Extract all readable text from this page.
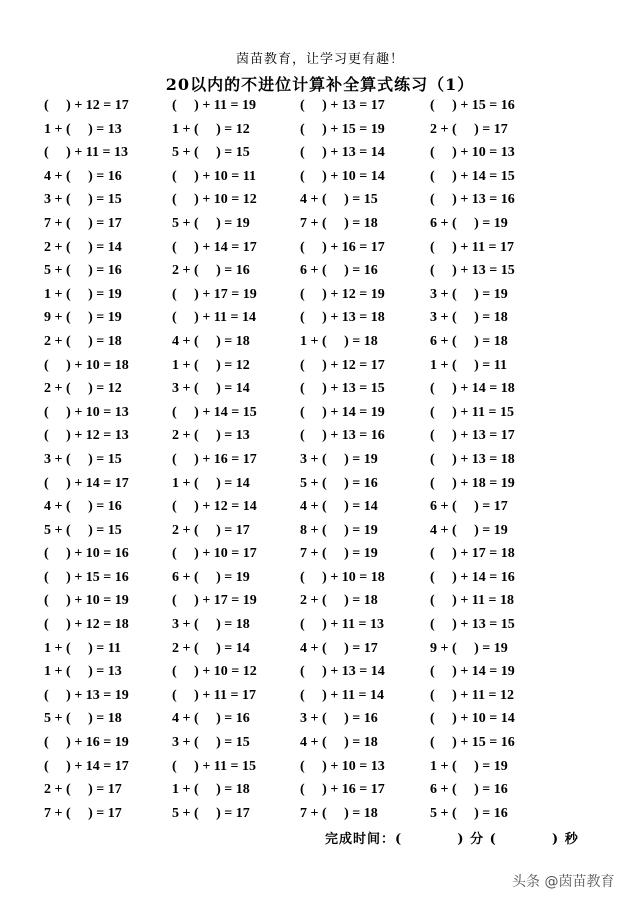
茵苗教育，让学习更有趣！
20以内的不进位计算补全算式练习（1）
(     ) + 12 = 17	(     ) + 11 = 19	(     ) + 13 = 17	(     ) + 15 = 16
1 + (     ) = 13	1 + (     ) = 12	(     ) + 15 = 19	2 + (     ) = 17
(     ) + 11 = 13	5 + (     ) = 15	(     ) + 13 = 14	(     ) + 10 = 13
4 + (     ) = 16	(     ) + 10 = 11	(     ) + 10 = 14	(     ) + 14 = 15
3 + (     ) = 15	(     ) + 10 = 12	4 + (     ) = 15	(     ) + 13 = 16
7 + (     ) = 17	5 + (     ) = 19	7 + (     ) = 18	6 + (     ) = 19
2 + (     ) = 14	(     ) + 14 = 17	(     ) + 16 = 17	(     ) + 11 = 17
5 + (     ) = 16	2 + (     ) = 16	6 + (     ) = 16	(     ) + 13 = 15
1 + (     ) = 19	(     ) + 17 = 19	(     ) + 12 = 19	3 + (     ) = 19
9 + (     ) = 19	(     ) + 11 = 14	(     ) + 13 = 18	3 + (     ) = 18
2 + (     ) = 18	4 + (     ) = 18	1 + (     ) = 18	6 + (     ) = 18
(     ) + 10 = 18	1 + (     ) = 12	(     ) + 12 = 17	1 + (     ) = 11
2 + (     ) = 12	3 + (     ) = 14	(     ) + 13 = 15	(     ) + 14 = 18
(     ) + 10 = 13	(     ) + 14 = 15	(     ) + 14 = 19	(     ) + 11 = 15
(     ) + 12 = 13	2 + (     ) = 13	(     ) + 13 = 16	(     ) + 13 = 17
3 + (     ) = 15	(     ) + 16 = 17	3 + (     ) = 19	(     ) + 13 = 18
(     ) + 14 = 17	1 + (     ) = 14	5 + (     ) = 16	(     ) + 18 = 19
4 + (     ) = 16	(     ) + 12 = 14	4 + (     ) = 14	6 + (     ) = 17
5 + (     ) = 15	2 + (     ) = 17	8 + (     ) = 19	4 + (     ) = 19
(     ) + 10 = 16	(     ) + 10 = 17	7 + (     ) = 19	(     ) + 17 = 18
(     ) + 15 = 16	6 + (     ) = 19	(     ) + 10 = 18	(     ) + 14 = 16
(     ) + 10 = 19	(     ) + 17 = 19	2 + (     ) = 18	(     ) + 11 = 18
(     ) + 12 = 18	3 + (     ) = 18	(     ) + 11 = 13	(     ) + 13 = 15
1 + (     ) = 11	2 + (     ) = 14	4 + (     ) = 17	9 + (     ) = 19
1 + (     ) = 13	(     ) + 10 = 12	(     ) + 13 = 14	(     ) + 14 = 19
(     ) + 13 = 19	(     ) + 11 = 17	(     ) + 11 = 14	(     ) + 11 = 12
5 + (     ) = 18	4 + (     ) = 16	3 + (     ) = 16	(     ) + 10 = 14
(     ) + 16 = 19	3 + (     ) = 15	4 + (     ) = 18	(     ) + 15 = 16
(     ) + 14 = 17	(     ) + 11 = 15	(     ) + 10 = 13	1 + (     ) = 19
2 + (     ) = 17	1 + (     ) = 18	(     ) + 16 = 17	6 + (     ) = 16
7 + (     ) = 17	5 + (     ) = 17	7 + (     ) = 18	5 + (     ) = 16
完成时间：(          ) 分 (          ) 秒
头条 @茵苗教育
